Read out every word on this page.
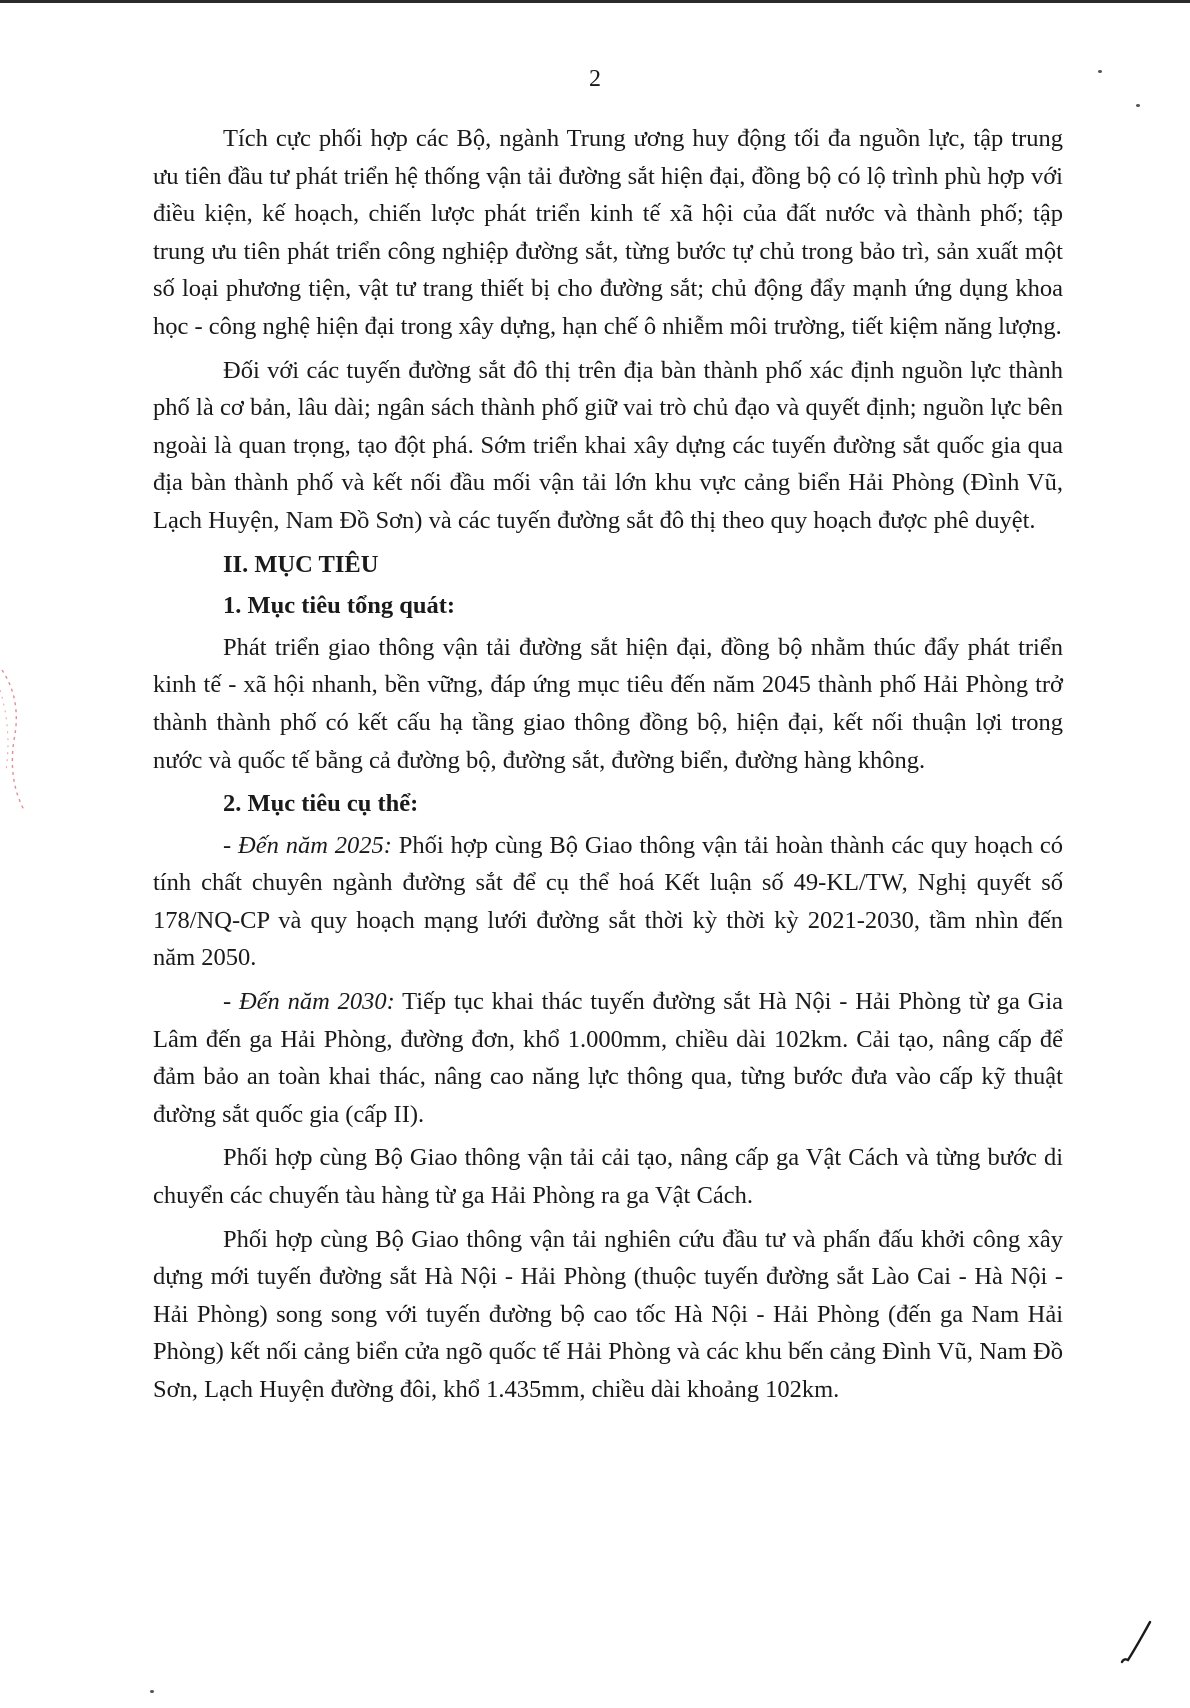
2

Tích cực phối hợp các Bộ, ngành Trung ương huy động tối đa nguồn lực, tập trung ưu tiên đầu tư phát triển hệ thống vận tải đường sắt hiện đại, đồng bộ có lộ trình phù hợp với điều kiện, kế hoạch, chiến lược phát triển kinh tế xã hội của đất nước và thành phố; tập trung ưu tiên phát triển công nghiệp đường sắt, từng bước tự chủ trong bảo trì, sản xuất một số loại phương tiện, vật tư trang thiết bị cho đường sắt; chủ động đẩy mạnh ứng dụng khoa học - công nghệ hiện đại trong xây dựng, hạn chế ô nhiễm môi trường, tiết kiệm năng lượng.

Đối với các tuyến đường sắt đô thị trên địa bàn thành phố xác định nguồn lực thành phố là cơ bản, lâu dài; ngân sách thành phố giữ vai trò chủ đạo và quyết định; nguồn lực bên ngoài là quan trọng, tạo đột phá. Sớm triển khai xây dựng các tuyến đường sắt quốc gia qua địa bàn thành phố và kết nối đầu mối vận tải lớn khu vực cảng biển Hải Phòng (Đình Vũ, Lạch Huyện, Nam Đồ Sơn) và các tuyến đường sắt đô thị theo quy hoạch được phê duyệt.

II. MỤC TIÊU
1. Mục tiêu tổng quát:

Phát triển giao thông vận tải đường sắt hiện đại, đồng bộ nhằm thúc đẩy phát triển kinh tế - xã hội nhanh, bền vững, đáp ứng mục tiêu đến năm 2045 thành phố Hải Phòng trở thành thành phố có kết cấu hạ tầng giao thông đồng bộ, hiện đại, kết nối thuận lợi trong nước và quốc tế bằng cả đường bộ, đường sắt, đường biển, đường hàng không.

2. Mục tiêu cụ thể:

- Đến năm 2025: Phối hợp cùng Bộ Giao thông vận tải hoàn thành các quy hoạch có tính chất chuyên ngành đường sắt để cụ thể hoá Kết luận số 49-KL/TW, Nghị quyết số 178/NQ-CP và quy hoạch mạng lưới đường sắt thời kỳ thời kỳ 2021-2030, tầm nhìn đến năm 2050.

- Đến năm 2030: Tiếp tục khai thác tuyến đường sắt Hà Nội - Hải Phòng từ ga Gia Lâm đến ga Hải Phòng, đường đơn, khổ 1.000mm, chiều dài 102km. Cải tạo, nâng cấp để đảm bảo an toàn khai thác, nâng cao năng lực thông qua, từng bước đưa vào cấp kỹ thuật đường sắt quốc gia (cấp II).

Phối hợp cùng Bộ Giao thông vận tải cải tạo, nâng cấp ga Vật Cách và từng bước di chuyển các chuyến tàu hàng từ ga Hải Phòng ra ga Vật Cách.

Phối hợp cùng Bộ Giao thông vận tải nghiên cứu đầu tư và phấn đấu khởi công xây dựng mới tuyến đường sắt Hà Nội - Hải Phòng (thuộc tuyến đường sắt Lào Cai - Hà Nội - Hải Phòng) song song với tuyến đường bộ cao tốc Hà Nội - Hải Phòng (đến ga Nam Hải Phòng) kết nối cảng biển cửa ngõ quốc tế Hải Phòng và các khu bến cảng Đình Vũ, Nam Đồ Sơn, Lạch Huyện đường đôi, khổ 1.435mm, chiều dài khoảng 102km.
